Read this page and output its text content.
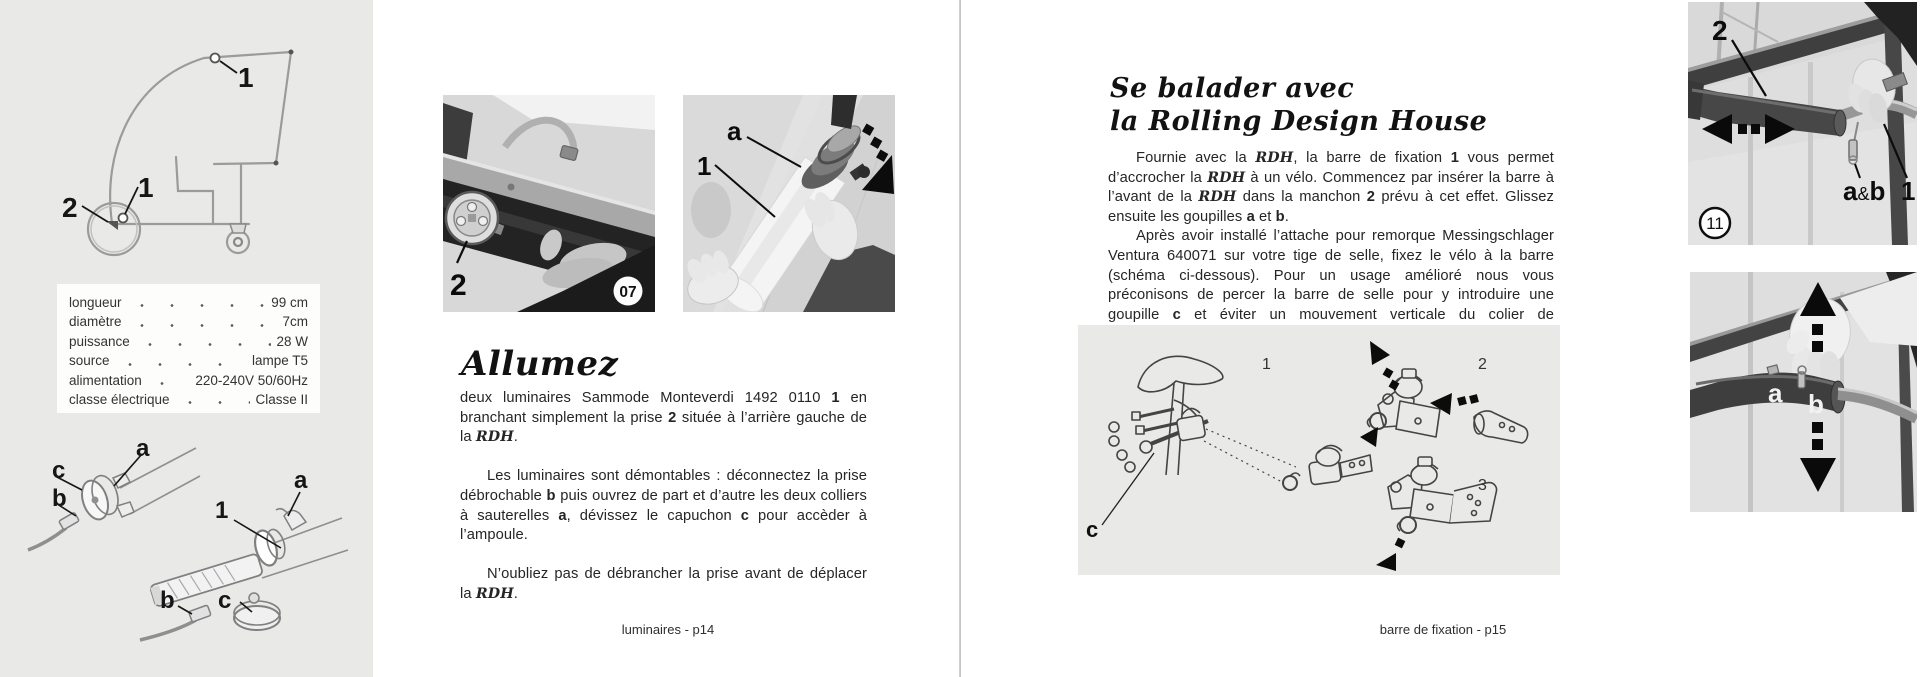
1
1
2
longueur	99 cm
diamètre	7cm
puissance	28 W
source	lampe T5
alimentation	220-240V 50/60Hz
classe électrique	Classe II
c
b
a
a
1
b c
2	07
a
1
Allumez

deux luminaires Sammode Monteverdi 1492 0110 1 en branchant simplement la prise 2 située à l’arrière gauche de la RDH.

Les luminaires sont démontables : déconnectez la prise débrochable b puis ouvrez de part et d’autre les deux colliers à sauterelles a, dévissez le capuchon c pour accèder à l’ampoule.

N’oubliez pas de débrancher la prise avant de déplacer la RDH.

luminaires - p14
Se balader avec
la Rolling Design House

Fournie avec la RDH, la barre de fixation 1 vous permet d’accrocher la RDH à un vélo. Commencez par insérer la barre à l’avant de la RDH dans la manchon 2 prévu à cet effet. Glissez ensuite les goupilles a et b.

Après avoir installé l’attache pour remorque Messingschlager Ventura 640071 sur votre tige de selle, fixez le vélo à la barre (schéma ci-dessous). Pour un usage amélioré nous vous préconisons de percer la barre de selle pour y introduire une goupille c et éviter un mouvement verticale du colier de raccordement.

1	2
3
c
barre de fixation - p15
2
a&b 1
11
a b
